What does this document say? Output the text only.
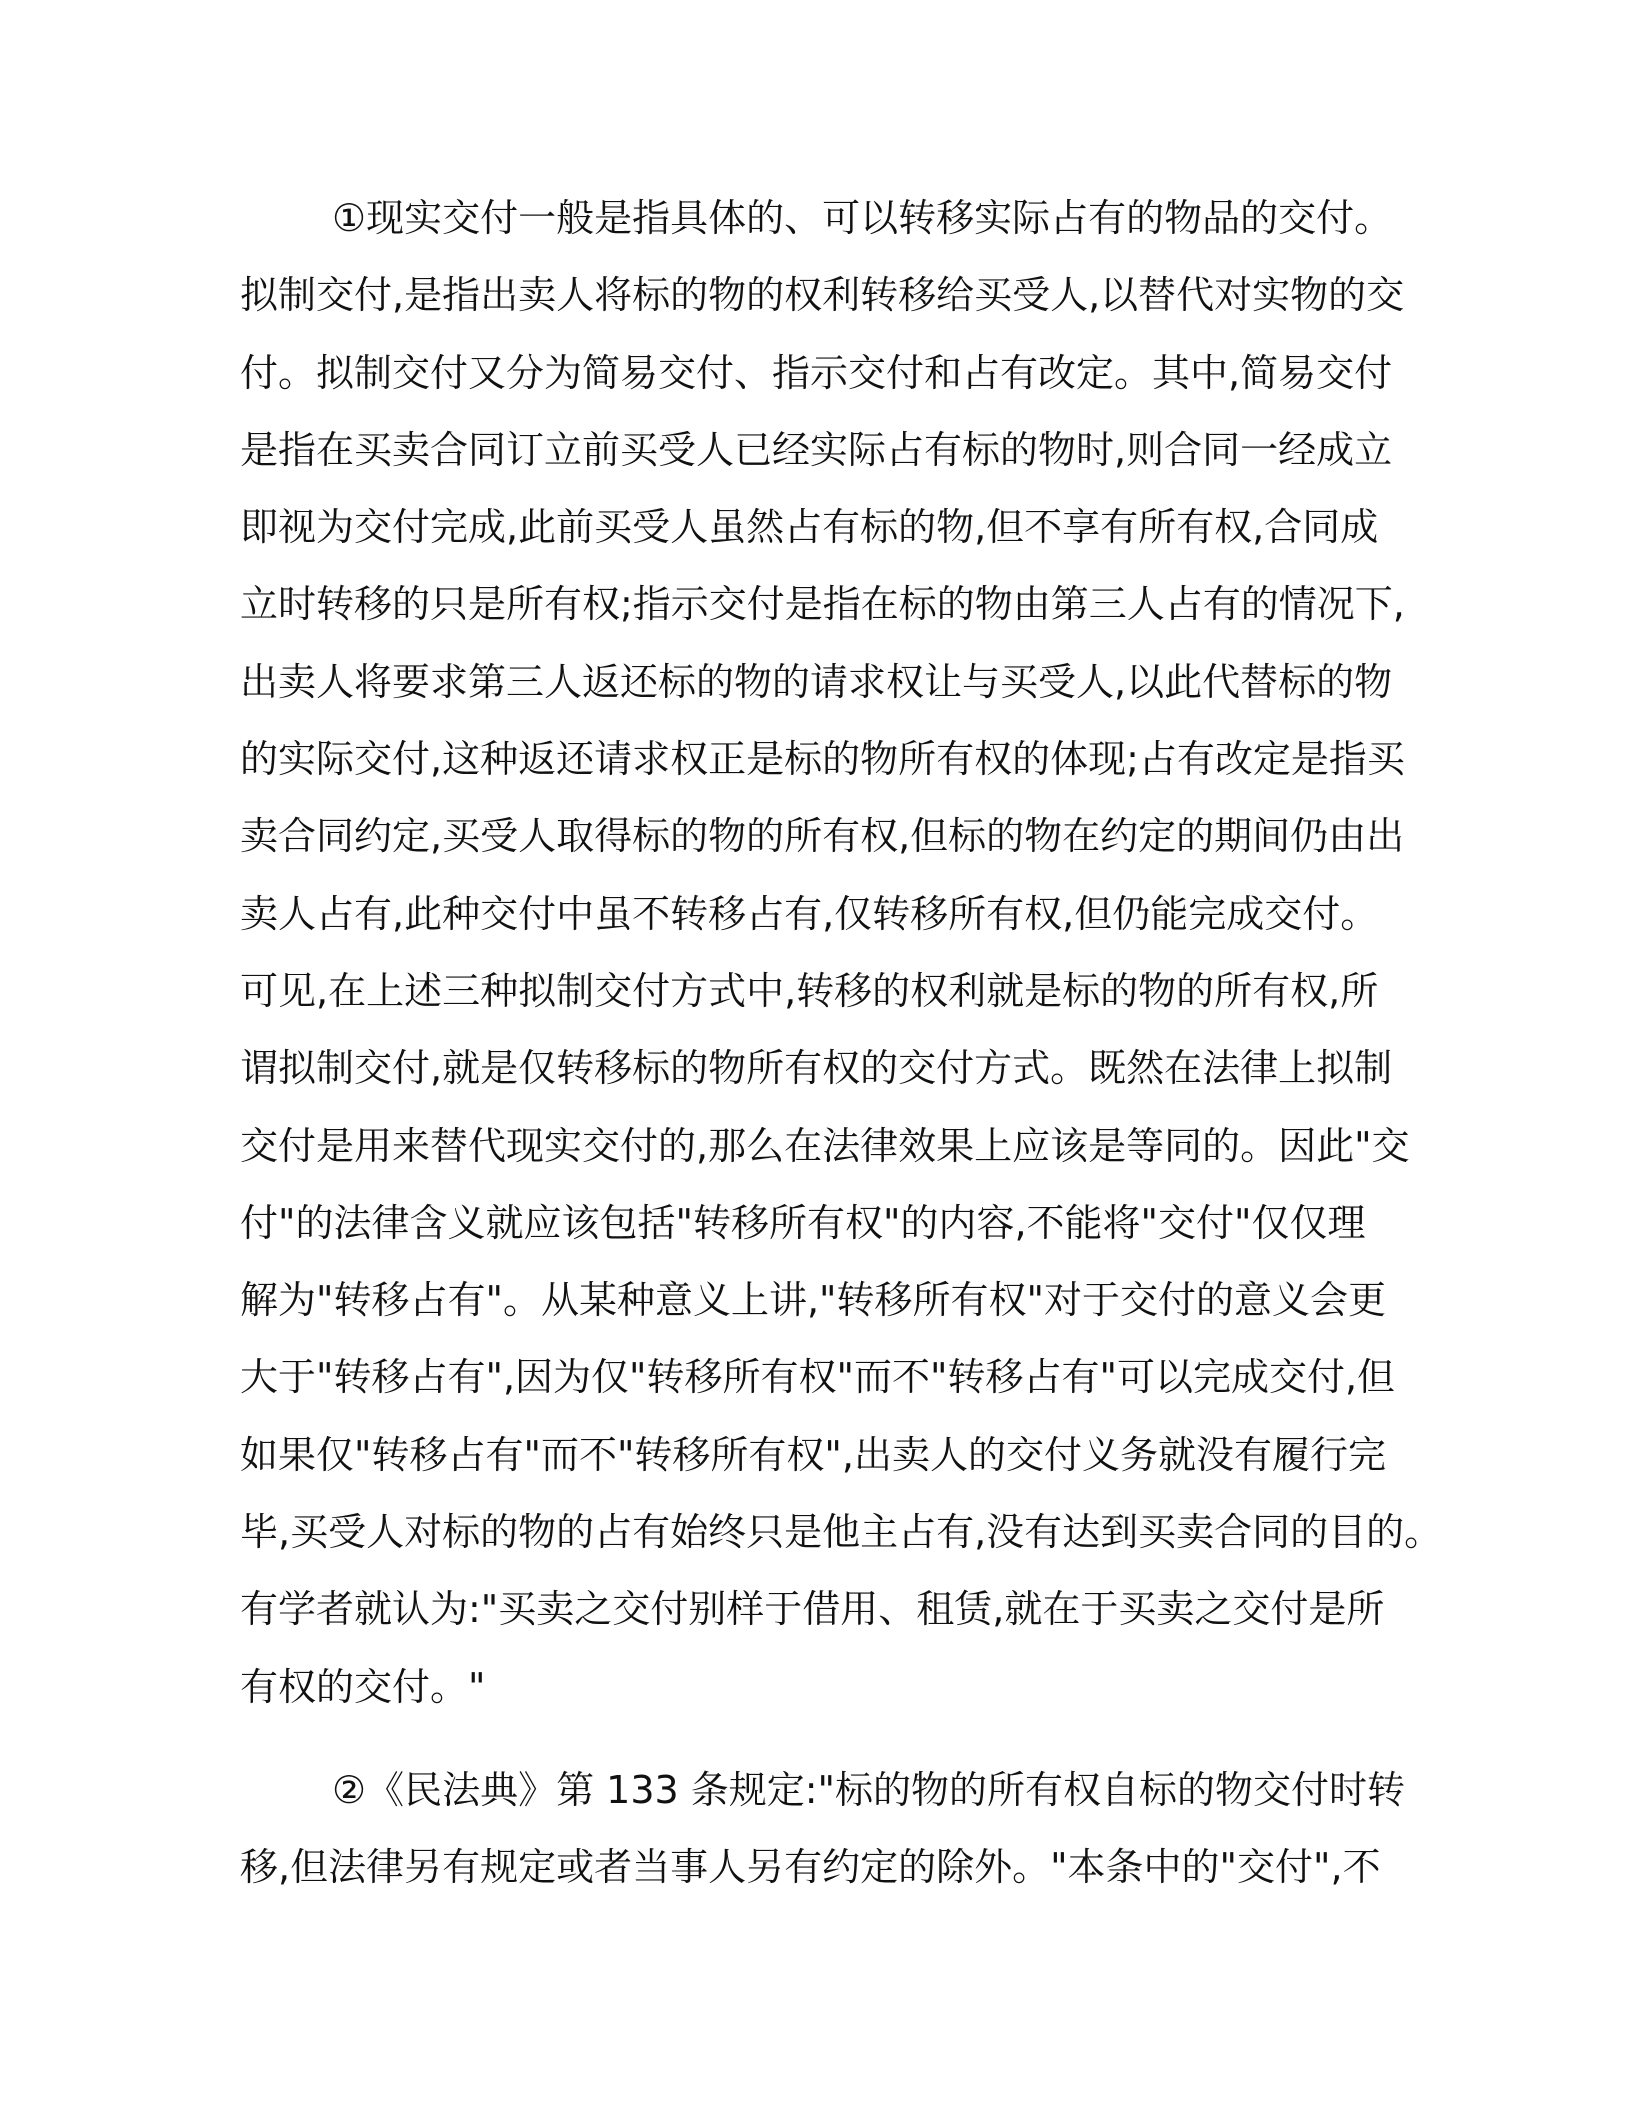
①现实交付一般是指具体的、可以转移实际占有的物品的交付。
拟制交付,是指出卖人将标的物的权利转移给买受人,以替代对实物的交
付。拟制交付又分为简易交付、指示交付和占有改定。其中,简易交付
是指在买卖合同订立前买受人已经实际占有标的物时,则合同一经成立
即视为交付完成,此前买受人虽然占有标的物,但不享有所有权,合同成
立时转移的只是所有权;指示交付是指在标的物由第三人占有的情况下,
出卖人将要求第三人返还标的物的请求权让与买受人,以此代替标的物
的实际交付,这种返还请求权正是标的物所有权的体现;占有改定是指买
卖合同约定,买受人取得标的物的所有权,但标的物在约定的期间仍由出
卖人占有,此种交付中虽不转移占有,仅转移所有权,但仍能完成交付。
可见,在上述三种拟制交付方式中,转移的权利就是标的物的所有权,所
谓拟制交付,就是仅转移标的物所有权的交付方式。既然在法律上拟制
交付是用来替代现实交付的,那么在法律效果上应该是等同的。因此"交
付"的法律含义就应该包括"转移所有权"的内容,不能将"交付"仅仅理
解为"转移占有"。从某种意义上讲,"转移所有权"对于交付的意义会更
大于"转移占有",因为仅"转移所有权"而不"转移占有"可以完成交付,但
如果仅"转移占有"而不"转移所有权",出卖人的交付义务就没有履行完
毕,买受人对标的物的占有始终只是他主占有,没有达到买卖合同的目的。
有学者就认为:"买卖之交付别样于借用、租赁,就在于买卖之交付是所
有权的交付。"
②《民法典》第 133 条规定:"标的物的所有权自标的物交付时转
移,但法律另有规定或者当事人另有约定的除外。"本条中的"交付",不
